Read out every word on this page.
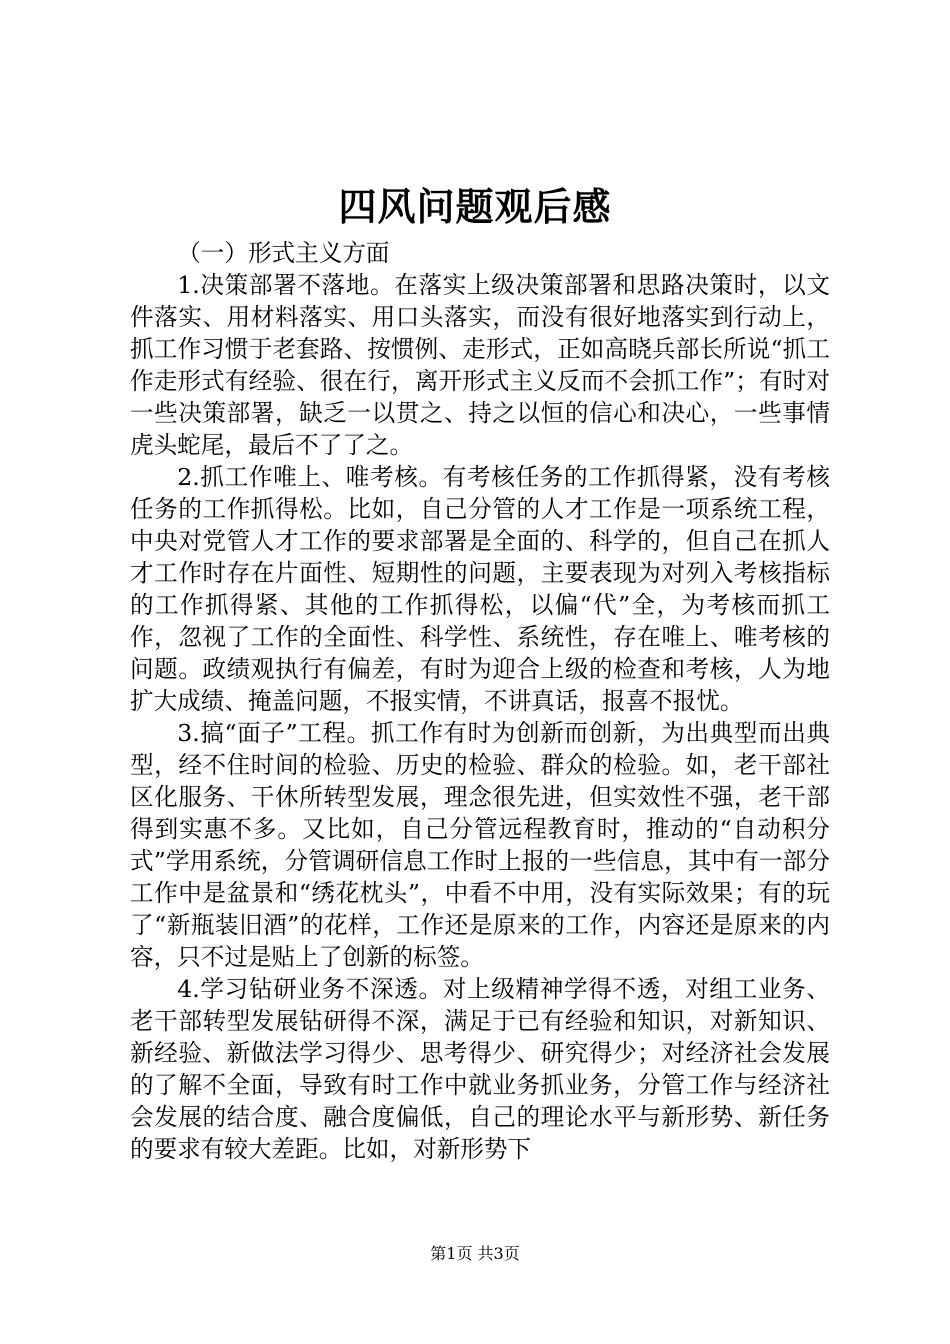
四风问题观后感

（一）形式主义方面

1.决策部署不落地。在落实上级决策部署和思路决策时，以文件落实、用材料落实、用口头落实，而没有很好地落实到行动上，抓工作习惯于老套路、按惯例、走形式，正如高晓兵部长所说“抓工作走形式有经验、很在行，离开形式主义反而不会抓工作”；有时对一些决策部署，缺乏一以贯之、持之以恒的信心和决心，一些事情虎头蛇尾，最后不了了之。

2.抓工作唯上、唯考核。有考核任务的工作抓得紧，没有考核任务的工作抓得松。比如，自己分管的人才工作是一项系统工程，中央对党管人才工作的要求部署是全面的、科学的，但自己在抓人才工作时存在片面性、短期性的问题，主要表现为对列入考核指标的工作抓得紧、其他的工作抓得松，以偏“代”全，为考核而抓工作，忽视了工作的全面性、科学性、系统性，存在唯上、唯考核的问题。政绩观执行有偏差，有时为迎合上级的检查和考核，人为地扩大成绩、掩盖问题，不报实情，不讲真话，报喜不报忧。

3.搞“面子”工程。抓工作有时为创新而创新，为出典型而出典型，经不住时间的检验、历史的检验、群众的检验。如，老干部社区化服务、干休所转型发展，理念很先进，但实效性不强，老干部得到实惠不多。又比如，自己分管远程教育时，推动的“自动积分式”学用系统，分管调研信息工作时上报的一些信息，其中有一部分工作中是盆景和“绣花枕头”，中看不中用，没有实际效果；有的玩了“新瓶装旧酒”的花样，工作还是原来的工作，内容还是原来的内容，只不过是贴上了创新的标签。

4.学习钻研业务不深透。对上级精神学得不透，对组工业务、老干部转型发展钻研得不深，满足于已有经验和知识，对新知识、新经验、新做法学习得少、思考得少、研究得少；对经济社会发展的了解不全面，导致有时工作中就业务抓业务，分管工作与经济社会发展的结合度、融合度偏低，自己的理论水平与新形势、新任务的要求有较大差距。比如，对新形势下

第1页 共3页
